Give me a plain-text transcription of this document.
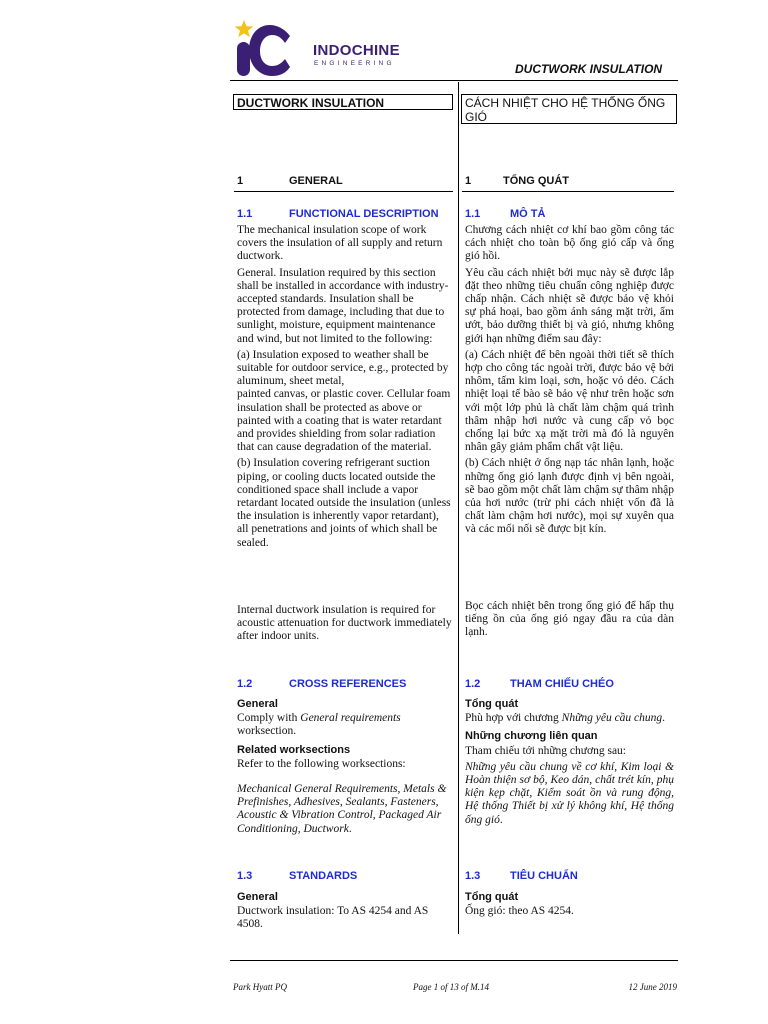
INDOCHINE
ENGINEERING	DUCTWORK INSULATION
DUCTWORK INSULATION	CÁCH NHIỆT CHO HỆ THỐNG ỐNG GIÓ
1	GENERAL
1.1	FUNCTIONAL DESCRIPTION

The mechanical insulation scope of work covers the insulation of all supply and return ductwork.

General. Insulation required by this section shall be installed in accordance with industry-accepted standards. Insulation shall be protected from damage, including that due to sunlight, moisture, equipment maintenance and wind, but not limited to the following:

(a) Insulation exposed to weather shall be suitable for outdoor service, e.g., protected by aluminum, sheet metal,

painted canvas, or plastic cover. Cellular foam insulation shall be protected as above or painted with a coating that is water retardant and provides shielding from solar radiation that can cause degradation of the material.

(b) Insulation covering refrigerant suction piping, or cooling ducts located outside the conditioned space shall include a vapor retardant located outside the insulation (unless the insulation is inherently vapor retardant), all penetrations and joints of which shall be sealed.

Internal ductwork insulation is required for acoustic attenuation for ductwork immediately after indoor units.
1.2	CROSS REFERENCES
General

Comply with General requirements worksection.

Related worksections

Refer to the following worksections:

Mechanical General Requirements, Metals & Prefinishes, Adhesives, Sealants, Fasteners, Acoustic & Vibration Control, Packaged Air Conditioning, Ductwork.

1.3	STANDARDS
General

Ductwork insulation: To AS 4254 and AS 4508.

1	TỔNG QUÁT
1.1	MÔ TẢ

Chương cách nhiệt cơ khí bao gồm công tác cách nhiệt cho toàn bộ ống gió cấp và ống gió hồi.

Yêu cầu cách nhiệt bởi mục này sẽ được lắp đặt theo những tiêu chuẩn công nghiệp được chấp nhận. Cách nhiệt sẽ được bảo vệ khỏi sự phá hoại, bao gồm ánh sáng mặt trời, ẩm ướt, bảo dưỡng thiết bị và gió, nhưng không giới hạn những điểm sau đây:

(a) Cách nhiệt để bên ngoài thời tiết sẽ thích hợp cho công tác ngoài trời, được bảo vệ bởi nhôm, tấm kim loại, sơn, hoặc vỏ dẻo. Cách nhiệt loại tế bào sẽ bảo vệ như trên hoặc sơn với một lớp phủ là chất làm chậm quá trình thâm nhập hơi nước và cung cấp vỏ bọc chống lại bức xạ mặt trời mà đó là nguyên nhân gây giảm phẩm chất vật liệu.

(b) Cách nhiệt ở ống nạp tác nhân lạnh, hoặc những ống gió lạnh được định vị bên ngoài, sẽ bao gồm một chất làm chậm sự thâm nhập của hơi nước (trừ phi cách nhiệt vốn đã là chất làm chậm hơi nước), mọi sự xuyên qua và các mối nối sẽ được bịt kín.

Bọc cách nhiệt bên trong ống gió để hấp thụ tiếng ồn của ống gió ngay đầu ra của dàn lạnh.
1.2	THAM CHIẾU CHÉO
Tổng quát

Phù hợp với chương Những yêu cầu chung.

Những chương liên quan

Tham chiếu tới những chương sau:

Những yêu cầu chung về cơ khí, Kim loại & Hoàn thiện sơ bộ, Keo dán, chất trét kín, phụ kiện kẹp chặt, Kiểm soát ồn và rung động, Hệ thống Thiết bị xử lý không khí, Hệ thống ống gió.

1.3	TIÊU CHUẨN
Tổng quát

Ống gió: theo AS 4254.

Park Hyatt PQ	Page 1 of 13 of M.14	12 June 2019
